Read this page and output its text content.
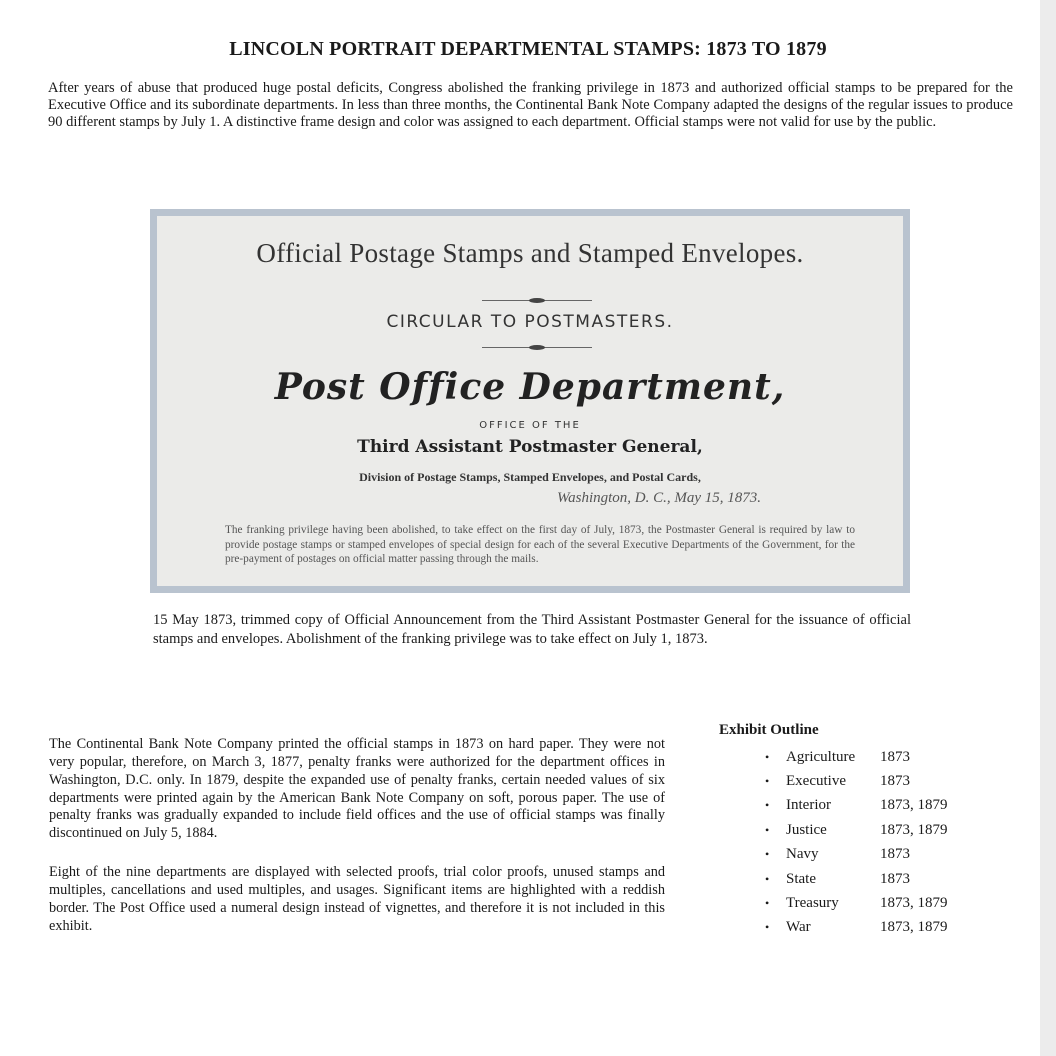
LINCOLN PORTRAIT DEPARTMENTAL STAMPS: 1873 TO 1879
After years of abuse that produced huge postal deficits, Congress abolished the franking privilege in 1873 and authorized official stamps to be prepared for the Executive Office and its subordinate departments. In less than three months, the Continental Bank Note Company adapted the designs of the regular issues to produce 90 different stamps by July 1. A distinctive frame design and color was assigned to each department. Official stamps were not valid for use by the public.
Official Postage Stamps and Stamped Envelopes.
CIRCULAR TO POSTMASTERS.
Post Office Department,
OFFICE OF THE
Third Assistant Postmaster General,
Division of Postage Stamps, Stamped Envelopes, and Postal Cards,
Washington, D. C., May 15, 1873.
The franking privilege having been abolished, to take effect on the first day of July, 1873, the Postmaster General is required by law to provide postage stamps or stamped envelopes of special design for each of the several Executive Departments of the Government, for the pre-payment of postages on official matter passing through the mails.
15 May 1873, trimmed copy of Official Announcement from the Third Assistant Postmaster General for the issuance of official stamps and envelopes. Abolishment of the franking privilege was to take effect on July 1, 1873.
The Continental Bank Note Company printed the official stamps in 1873 on hard paper. They were not very popular, therefore, on March 3, 1877, penalty franks were authorized for the department offices in Washington, D.C. only. In 1879, despite the expanded use of penalty franks, certain needed values of six departments were printed again by the American Bank Note Company on soft, porous paper. The use of penalty franks was gradually expanded to include field offices and the use of official stamps was finally discontinued on July 5, 1884.
Eight of the nine departments are displayed with selected proofs, trial color proofs, unused stamps and multiples, cancellations and used multiples, and usages. Significant items are highlighted with a reddish border. The Post Office used a numeral design instead of vignettes, and therefore it is not included in this exhibit.
Exhibit Outline
•	Agriculture	1873
•	Executive	1873
•	Interior	1873, 1879
•	Justice	1873, 1879
•	Navy	1873
•	State	1873
•	Treasury	1873, 1879
•	War	1873, 1879
